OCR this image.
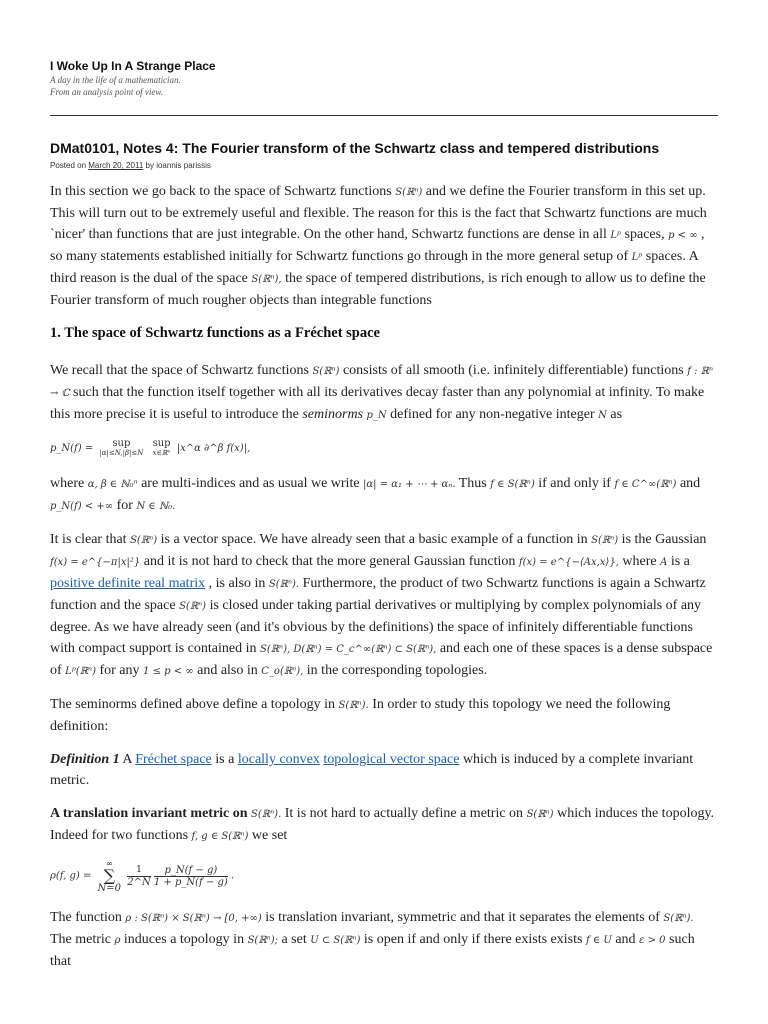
I Woke Up In A Strange Place
A day in the life of a mathematician.
From an analysis point of view.
DMat0101, Notes 4: The Fourier transform of the Schwartz class and tempered distributions
Posted on March 20, 2011 by ioannis parissis

In this section we go back to the space of Schwartz functions S(ℝⁿ) and we define the Fourier transform in this set up. This will turn out to be extremely useful and flexible. The reason for this is the fact that Schwartz functions are much `nicer' than functions that are just integrable. On the other hand, Schwartz functions are dense in all Lᵖ spaces, p < ∞ , so many statements established initially for Schwartz functions go through in the more general setup of Lᵖ spaces. A third reason is the dual of the space S(ℝⁿ), the space of tempered distributions, is rich enough to allow us to define the Fourier transform of much rougher objects than integrable functions

1. The space of Schwartz functions as a Fréchet space

We recall that the space of Schwartz functions S(ℝⁿ) consists of all smooth (i.e. infinitely differentiable) functions f : ℝⁿ → ℂ such that the function itself together with all its derivatives decay faster than any polynomial at infinity. To make this more precise it is useful to introduce the seminorms p_N defined for any non-negative integer N as

p_N(f) = sup
|α|≤N,|β|≤N sup
x∈ℝⁿ |x^α ∂^β f(x)|,

where α, β ∈ ℕ₀ⁿ are multi-indices and as usual we write |α| = α₁ + ⋯ + αₙ. Thus f ∈ S(ℝⁿ) if and only if f ∈ C^∞(ℝⁿ) and p_N(f) < +∞ for N ∈ ℕ₀.

It is clear that S(ℝⁿ) is a vector space. We have already seen that a basic example of a function in S(ℝⁿ) is the Gaussian f(x) = e^{−π|x|²} and it is not hard to check that the more general Gaussian function f(x) = e^{−⟨Ax,x⟩}, where A is a positive definite real matrix , is also in S(ℝⁿ). Furthermore, the product of two Schwartz functions is again a Schwartz function and the space S(ℝⁿ) is closed under taking partial derivatives or multiplying by complex polynomials of any degree. As we have already seen (and it's obvious by the definitions) the space of infinitely differentiable functions with compact support is contained in S(ℝⁿ), D(ℝⁿ) = C_c^∞(ℝⁿ) ⊂ S(ℝⁿ), and each one of these spaces is a dense subspace of Lᵖ(ℝⁿ) for any 1 ≤ p < ∞ and also in C_o(ℝⁿ), in the corresponding topologies.

The seminorms defined above define a topology in S(ℝⁿ). In order to study this topology we need the following definition:

Definition 1 A Fréchet space is a locally convex topological vector space which is induced by a complete invariant metric.

A translation invariant metric on S(ℝⁿ). It is not hard to actually define a metric on S(ℝⁿ) which induces the topology. Indeed for two functions f, g ∈ S(ℝⁿ) we set

ρ(f, g) = ∞
∑
N=0
$\frac{1}{2\^{}N}$
$\frac{p\_N(f - g)}{1 + p\_N(f - g)}$ .

The function ρ : S(ℝⁿ) × S(ℝⁿ) → [0, +∞) is translation invariant, symmetric and that it separates the elements of S(ℝⁿ). The metric ρ induces a topology in S(ℝⁿ); a set U ⊂ S(ℝⁿ) is open if and only if there exists exists f ∈ U and ε > 0 such that
